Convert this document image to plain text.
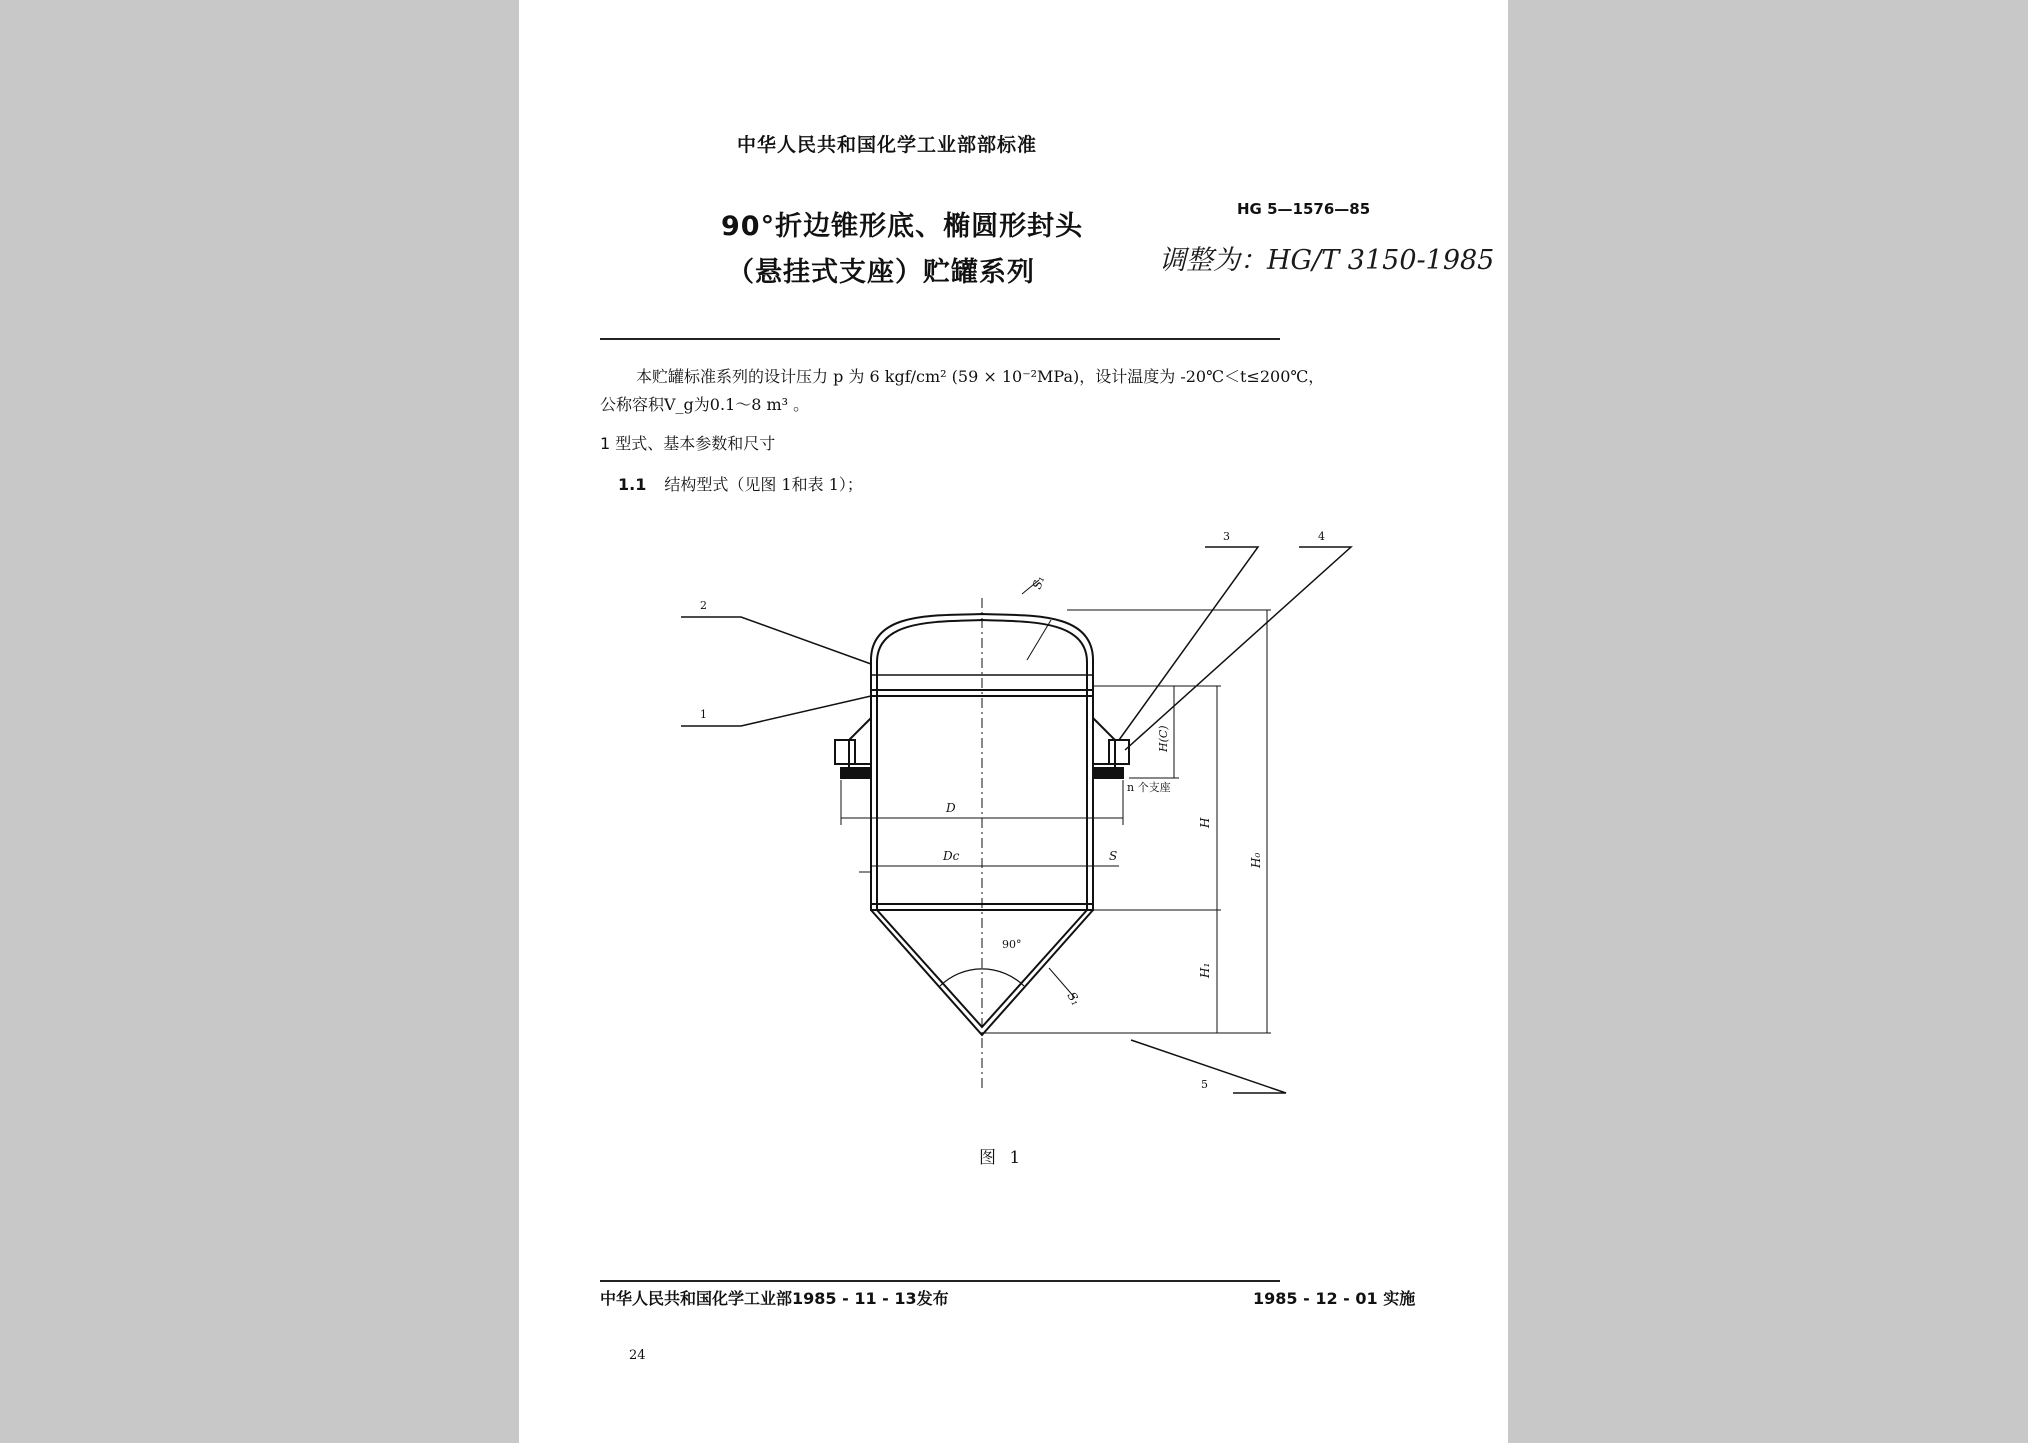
中华人民共和国化学工业部部标准
90°折边锥形底、椭圆形封头
（悬挂式支座）贮罐系列
HG 5—1576—85
调整为：HG/T 3150-1985
本贮罐标准系列的设计压力 p 为 6 kgf/cm² (59 × 10⁻²MPa)，设计温度为 -20℃＜t≤200℃，
公称容积V_g为0.1～8 m³ 。
1 型式、基本参数和尺寸
1.1 结构型式（见图 1和表 1）；
2
1
3	4
5
D
Dc	S
S₁
S₁
90°
H
H₁
H₀
H(C)
n 个支座
图 1
中华人民共和国化学工业部1985 - 11 - 13发布	1985 - 12 - 01 实施
24
